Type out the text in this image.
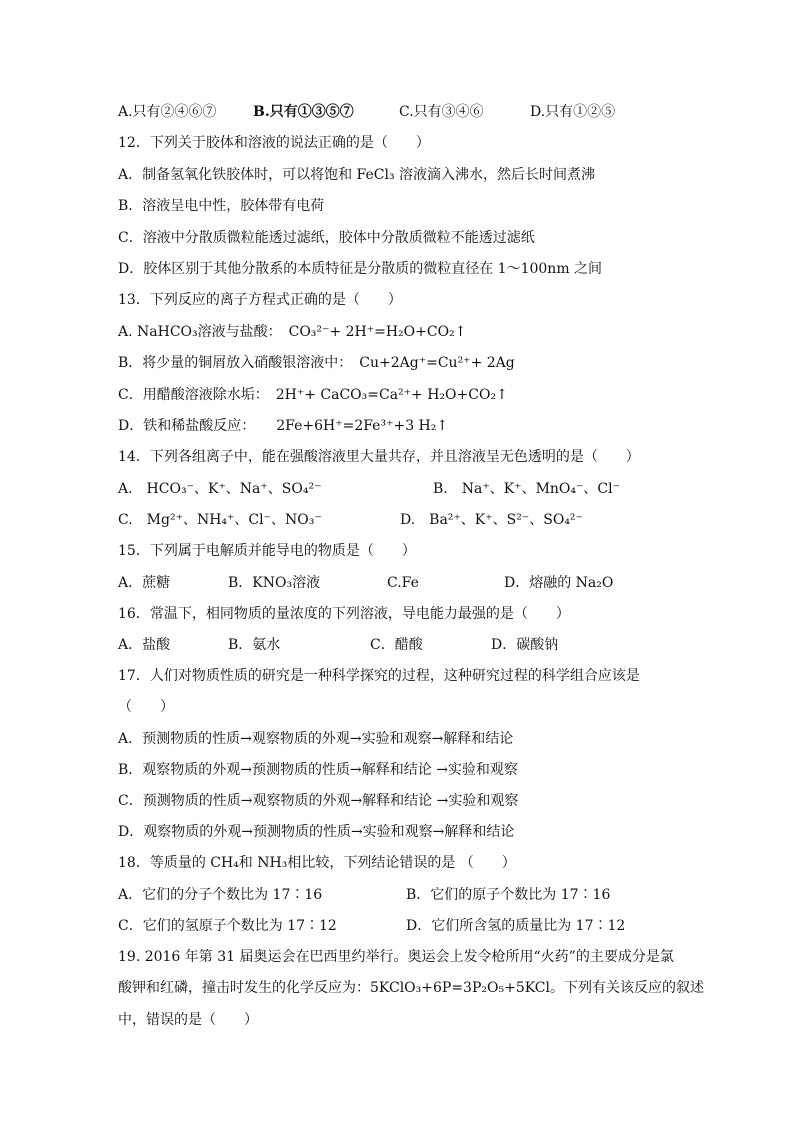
A.只有②④⑥⑦	B.只有①③⑤⑦	C.只有③④⑥	D.只有①②⑤
12．下列关于胶体和溶液的说法正确的是（　　）
A．制备氢氧化铁胶体时，可以将饱和 FeCl₃ 溶液滴入沸水，然后长时间煮沸
B．溶液呈电中性，胶体带有电荷
C．溶液中分散质微粒能透过滤纸，胶体中分散质微粒不能透过滤纸
D．胶体区别于其他分散系的本质特征是分散质的微粒直径在 1～100nm 之间
13．下列反应的离子方程式正确的是（　　）
A. NaHCO₃溶液与盐酸：　CO₃²⁻+ 2H⁺=H₂O+CO₂↑
B．将少量的铜屑放入硝酸银溶液中：　Cu+2Ag⁺=Cu²⁺+ 2Ag
C．用醋酸溶液除水垢：　2H⁺+ CaCO₃=Ca²⁺+ H₂O+CO₂↑
D．铁和稀盐酸反应：　　2Fe+6H⁺=2Fe³⁺+3 H₂↑
14．下列各组离子中，能在强酸溶液里大量共存，并且溶液呈无色透明的是（　　）
A.　HCO₃⁻、K⁺、Na⁺、SO₄²⁻	B.　Na⁺、K⁺、MnO₄⁻、Cl⁻
C.　Mg²⁺、NH₄⁺、Cl⁻、NO₃⁻	D.　Ba²⁺、K⁺、S²⁻、SO₄²⁻
15．下列属于电解质并能导电的物质是（　　）
A．蔗糖	B．KNO₃溶液	C.Fe	D．熔融的 Na₂O
16．常温下，相同物质的量浓度的下列溶液，导电能力最强的是（　　）
A．盐酸	B．氨水	C．醋酸	D．碳酸钠
17．人们对物质性质的研究是一种科学探究的过程，这种研究过程的科学组合应该是
（　　）
A．预测物质的性质→观察物质的外观→实验和观察→解释和结论
B．观察物质的外观→预测物质的性质→解释和结论 →实验和观察
C．预测物质的性质→观察物质的外观→解释和结论 →实验和观察
D．观察物质的外观→预测物质的性质→实验和观察→解释和结论
18．等质量的 CH₄和 NH₃相比较，下列结论错误的是 （　　）
A．它们的分子个数比为 17∶16	B．它们的原子个数比为 17∶16
C．它们的氢原子个数比为 17∶12	D．它们所含氢的质量比为 17∶12
19. 2016 年第 31 届奥运会在巴西里约举行。奥运会上发令枪所用“火药”的主要成分是氯
酸钾和红磷，撞击时发生的化学反应为：5KClO₃+6P=3P₂O₅+5KCl。下列有关该反应的叙述
中，错误的是（　　）
